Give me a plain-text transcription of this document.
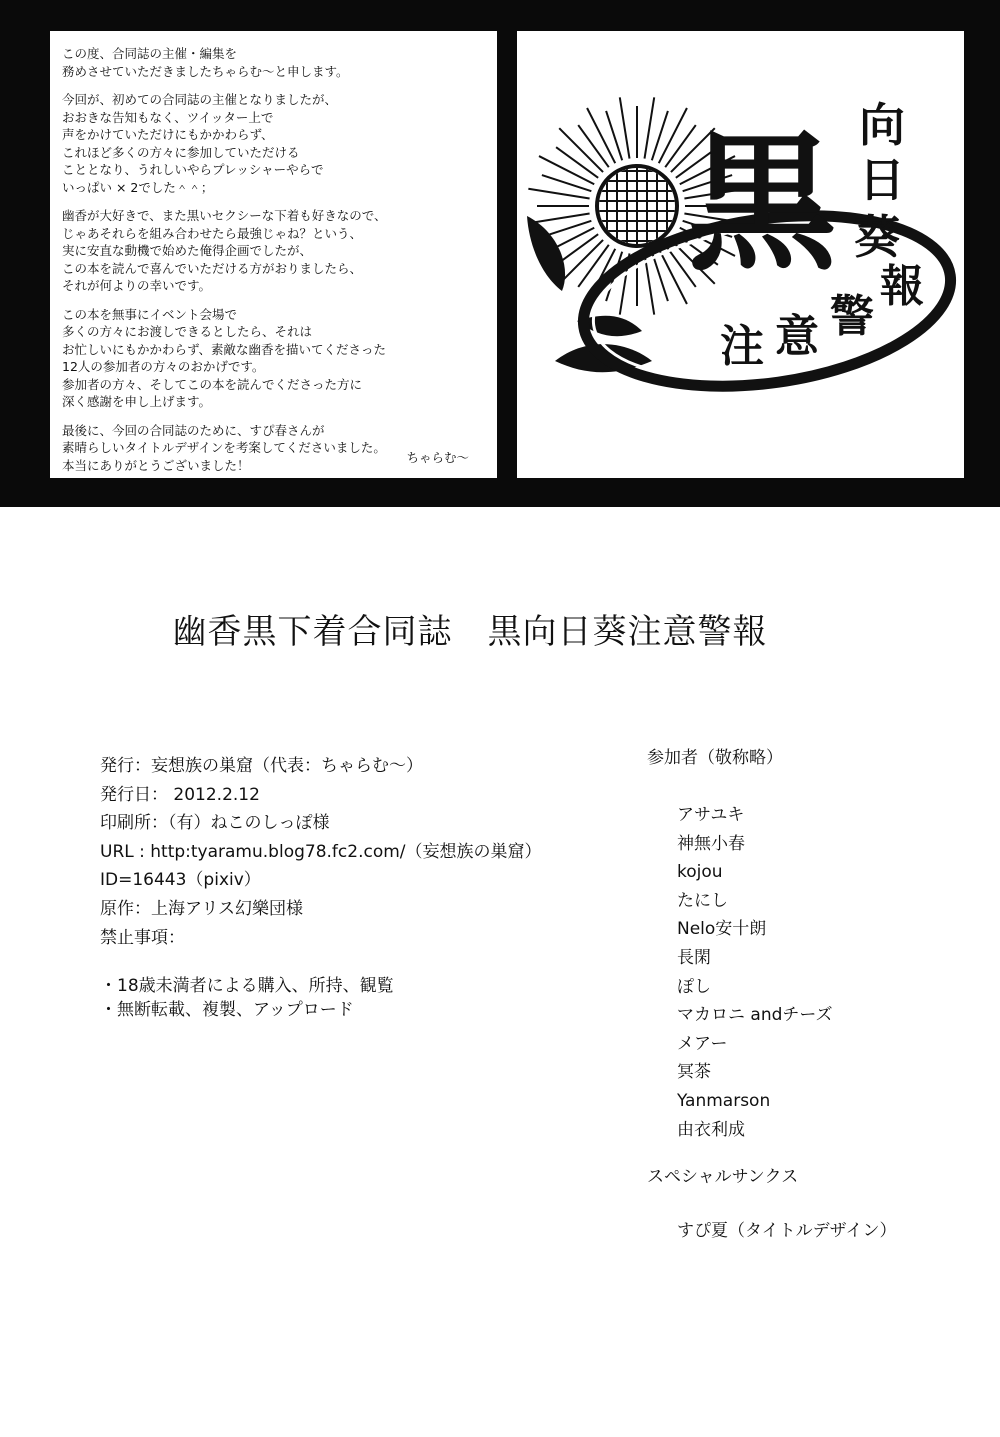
この度、合同誌の主催・編集を
務めさせていただきましたちゃらむ～と申します。

今回が、初めての合同誌の主催となりましたが、
おおきな告知もなく、ツイッター上で
声をかけていただけにもかかわらず、
これほど多くの方々に参加していただける
こととなり、うれしいやらプレッシャーやらで
いっぱい × 2でした＾＾；

幽香が大好きで、また黒いセクシーな下着も好きなので、
じゃあそれらを組み合わせたら最強じゃね？という、
実に安直な動機で始めた俺得企画でしたが、
この本を読んで喜んでいただける方がおりましたら、
それが何よりの幸いです。

この本を無事にイベント会場で
多くの方々にお渡しできるとしたら、それは
お忙しいにもかかわらず、素敵な幽香を描いてくださった
12人の参加者の方々のおかげです。
参加者の方々、そしてこの本を読んでくださった方に
深く感謝を申し上げます。

最後に、今回の合同誌のために、すぴ春さんが
素晴らしいタイトルデザインを考案してくださいました。
本当にありがとうございました！

ちゃらむ～
黒 向
日
葵
注 意 警
報
幽香黒下着合同誌　黒向日葵注意警報
発行：妄想族の巣窟（代表：ちゃらむ～）
発行日： 2012.2.12
印刷所：（有）ねこのしっぽ様
URL : http:tyaramu.blog78.fc2.com/（妄想族の巣窟）
ID=16443（pixiv）
原作：上海アリス幻樂団様
禁止事項：
・18歳未満者による購入、所持、観覧
・無断転載、複製、アップロード
参加者（敬称略）
アサユキ
神無小春
kojou
たにし
Nelo安十朗
長閑
ぽし
マカロニ andチーズ
メアー
冥茶
Yanmarson
由衣利成
スペシャルサンクス
すぴ夏（タイトルデザイン）
